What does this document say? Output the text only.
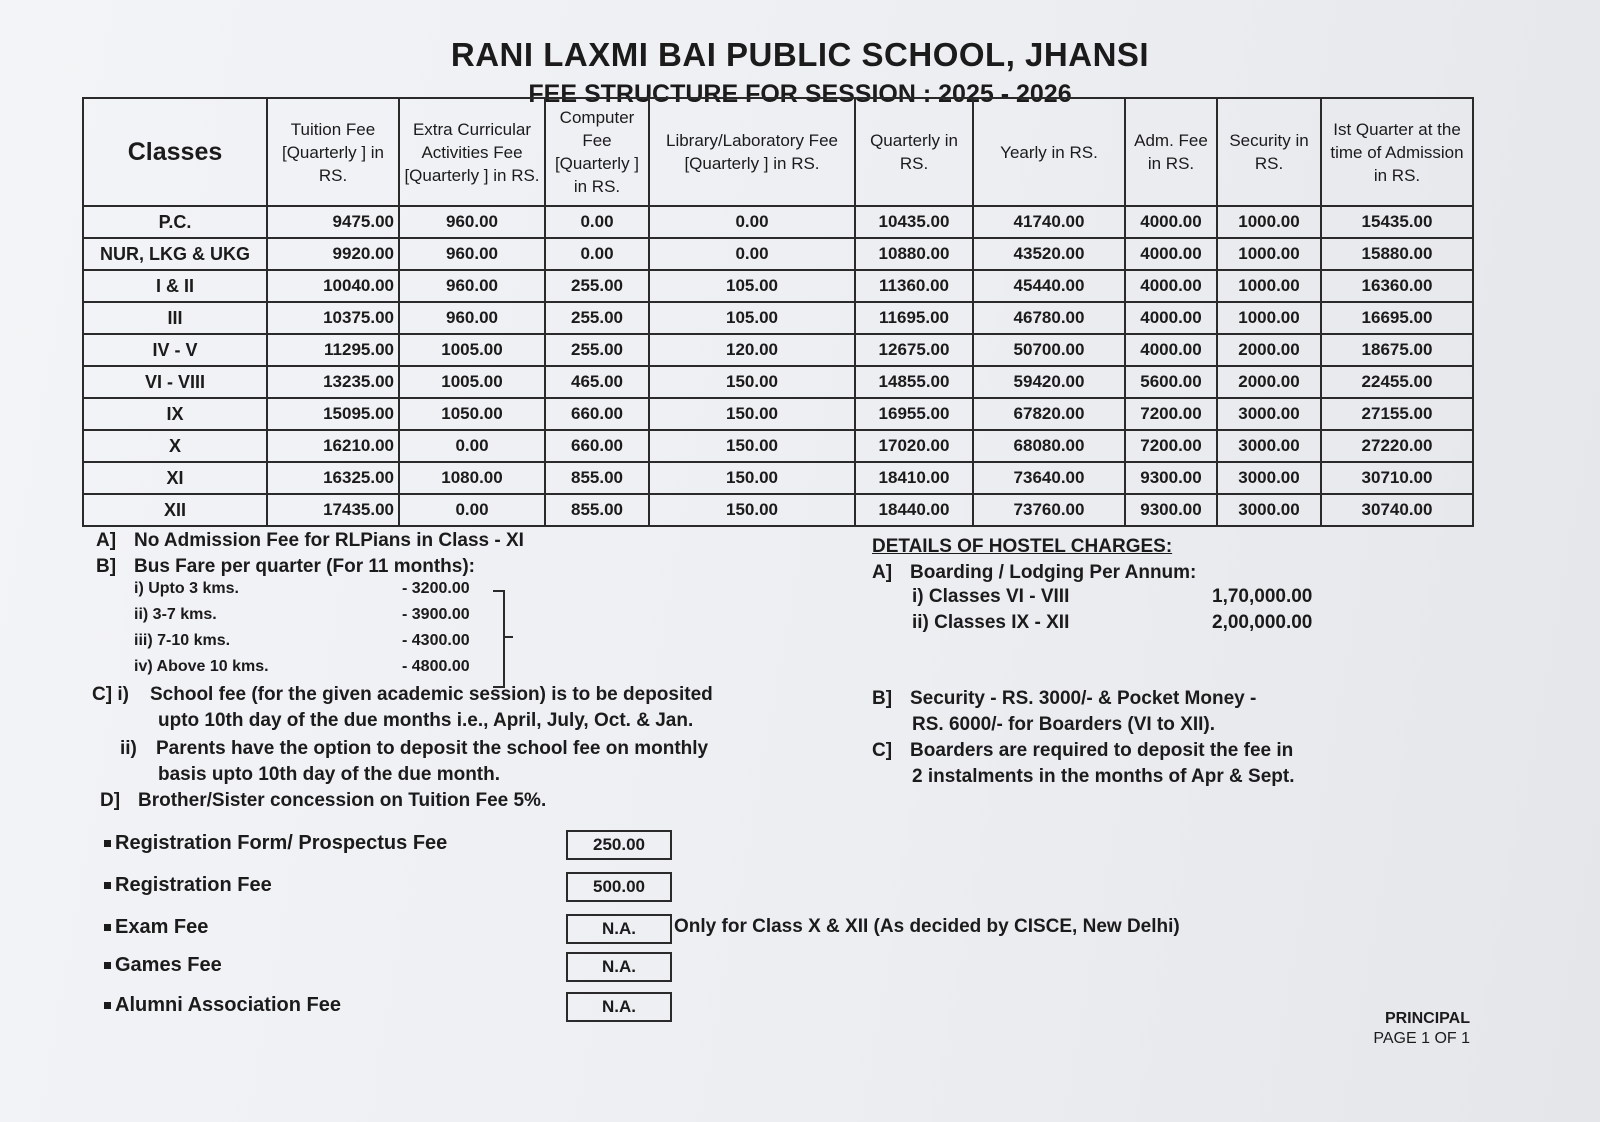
RANI LAXMI BAI PUBLIC SCHOOL, JHANSI
FEE STRUCTURE FOR SESSION : 2025 - 2026
Classes	Tuition Fee [Quarterly ] in RS.	Extra Curricular Activities Fee [Quarterly ] in RS.	Computer Fee [Quarterly ] in RS.	Library/Laboratory Fee [Quarterly ] in RS.	Quarterly in RS.	Yearly in RS.	Adm. Fee in RS.	Security in RS.	Ist Quarter at the time of Admission in RS.
P.C.	9475.00	960.00	0.00	0.00	10435.00	41740.00	4000.00	1000.00	15435.00
NUR, LKG & UKG	9920.00	960.00	0.00	0.00	10880.00	43520.00	4000.00	1000.00	15880.00
I & II	10040.00	960.00	255.00	105.00	11360.00	45440.00	4000.00	1000.00	16360.00
III	10375.00	960.00	255.00	105.00	11695.00	46780.00	4000.00	1000.00	16695.00
IV - V	11295.00	1005.00	255.00	120.00	12675.00	50700.00	4000.00	2000.00	18675.00
VI - VIII	13235.00	1005.00	465.00	150.00	14855.00	59420.00	5600.00	2000.00	22455.00
IX	15095.00	1050.00	660.00	150.00	16955.00	67820.00	7200.00	3000.00	27155.00
X	16210.00	0.00	660.00	150.00	17020.00	68080.00	7200.00	3000.00	27220.00
XI	16325.00	1080.00	855.00	150.00	18410.00	73640.00	9300.00	3000.00	30710.00
XII	17435.00	0.00	855.00	150.00	18440.00	73760.00	9300.00	3000.00	30740.00
A] No Admission Fee for RLPians in Class - XI
B] Bus Fare per quarter (For 11 months):
i) Upto 3 kms.	- 3200.00
ii) 3-7 kms.	- 3900.00
iii) 7-10 kms.	- 4300.00
iv) Above 10 kms.	- 4800.00
C] i) School fee (for the given academic session) is to be deposited
upto 10th day of the due months i.e., April, July, Oct. & Jan.
ii) Parents have the option to deposit the school fee on monthly
basis upto 10th day of the due month.
D] Brother/Sister concession on Tuition Fee 5%.
DETAILS OF HOSTEL CHARGES:
A] Boarding / Lodging Per Annum:
i) Classes VI - VIII	1,70,000.00
ii) Classes IX - XII	2,00,000.00
B] Security - RS. 3000/- & Pocket Money -
RS. 6000/- for Boarders (VI to XII).
C] Boarders are required to deposit the fee in
2 instalments in the months of Apr & Sept.
Registration Form/ Prospectus Fee	250.00
Registration Fee	500.00
Exam Fee	N.A.	Only for Class X & XII (As decided by CISCE, New Delhi)
Games Fee	N.A.
Alumni Association Fee	N.A.
PRINCIPAL
PAGE 1 OF 1
